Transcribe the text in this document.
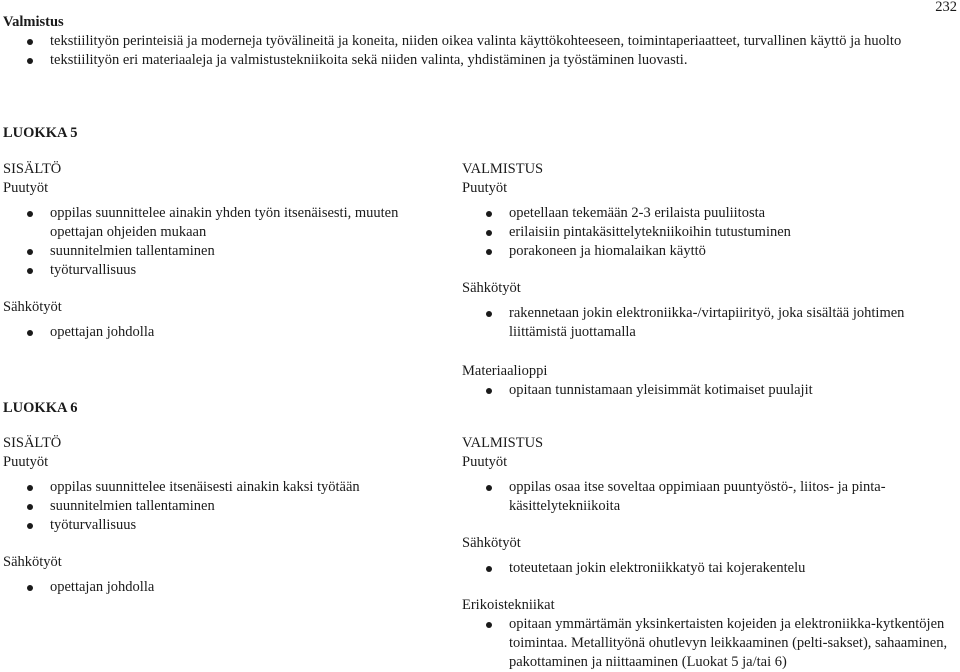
232
Valmistus
tekstiilityön perinteisiä ja moderneja työvälineitä ja koneita, niiden oikea valinta käyttökohteeseen, toimintaperiaatteet, turvallinen käyttö ja huolto
tekstiilityön eri materiaaleja ja valmistustekniikoita sekä niiden valinta, yhdistäminen ja työstäminen luovasti.
LUOKKA 5
SISÄLTÖ
Puutyöt
oppilas suunnittelee ainakin yhden työn itsenäisesti, muuten opettajan ohjeiden mukaan
suunnitelmien tallentaminen
työturvallisuus
Sähkötyöt
opettajan johdolla
VALMISTUS
Puutyöt
opetellaan tekemään 2-3 erilaista puuliitosta
erilaisiin pintakäsittelytekniikoihin tutustuminen
porakoneen ja hiomalaikan käyttö
Sähkötyöt
rakennetaan jokin elektroniikka-/virtapiirityö, joka sisältää johtimen liittämistä juottamalla
Materiaalioppi
opitaan tunnistamaan yleisimmät kotimaiset puulajit
LUOKKA 6
SISÄLTÖ
Puutyöt
oppilas suunnittelee itsenäisesti ainakin kaksi työtään
suunnitelmien tallentaminen
työturvallisuus
Sähkötyöt
opettajan johdolla
VALMISTUS
Puutyöt
oppilas osaa itse soveltaa oppimiaan puuntyöstö-, liitos- ja pinta-käsittelytekniikoita
Sähkötyöt
toteutetaan jokin elektroniikkatyö tai kojerakentelu
Erikoistekniikat
opitaan ymmärtämän yksinkertaisten kojeiden ja elektroniikka-kytkentöjen toimintaa. Metallityönä ohutlevyn leikkaaminen (pelti-sakset), sahaaminen, pakottaminen ja niittaaminen (Luokat 5 ja/tai 6)
